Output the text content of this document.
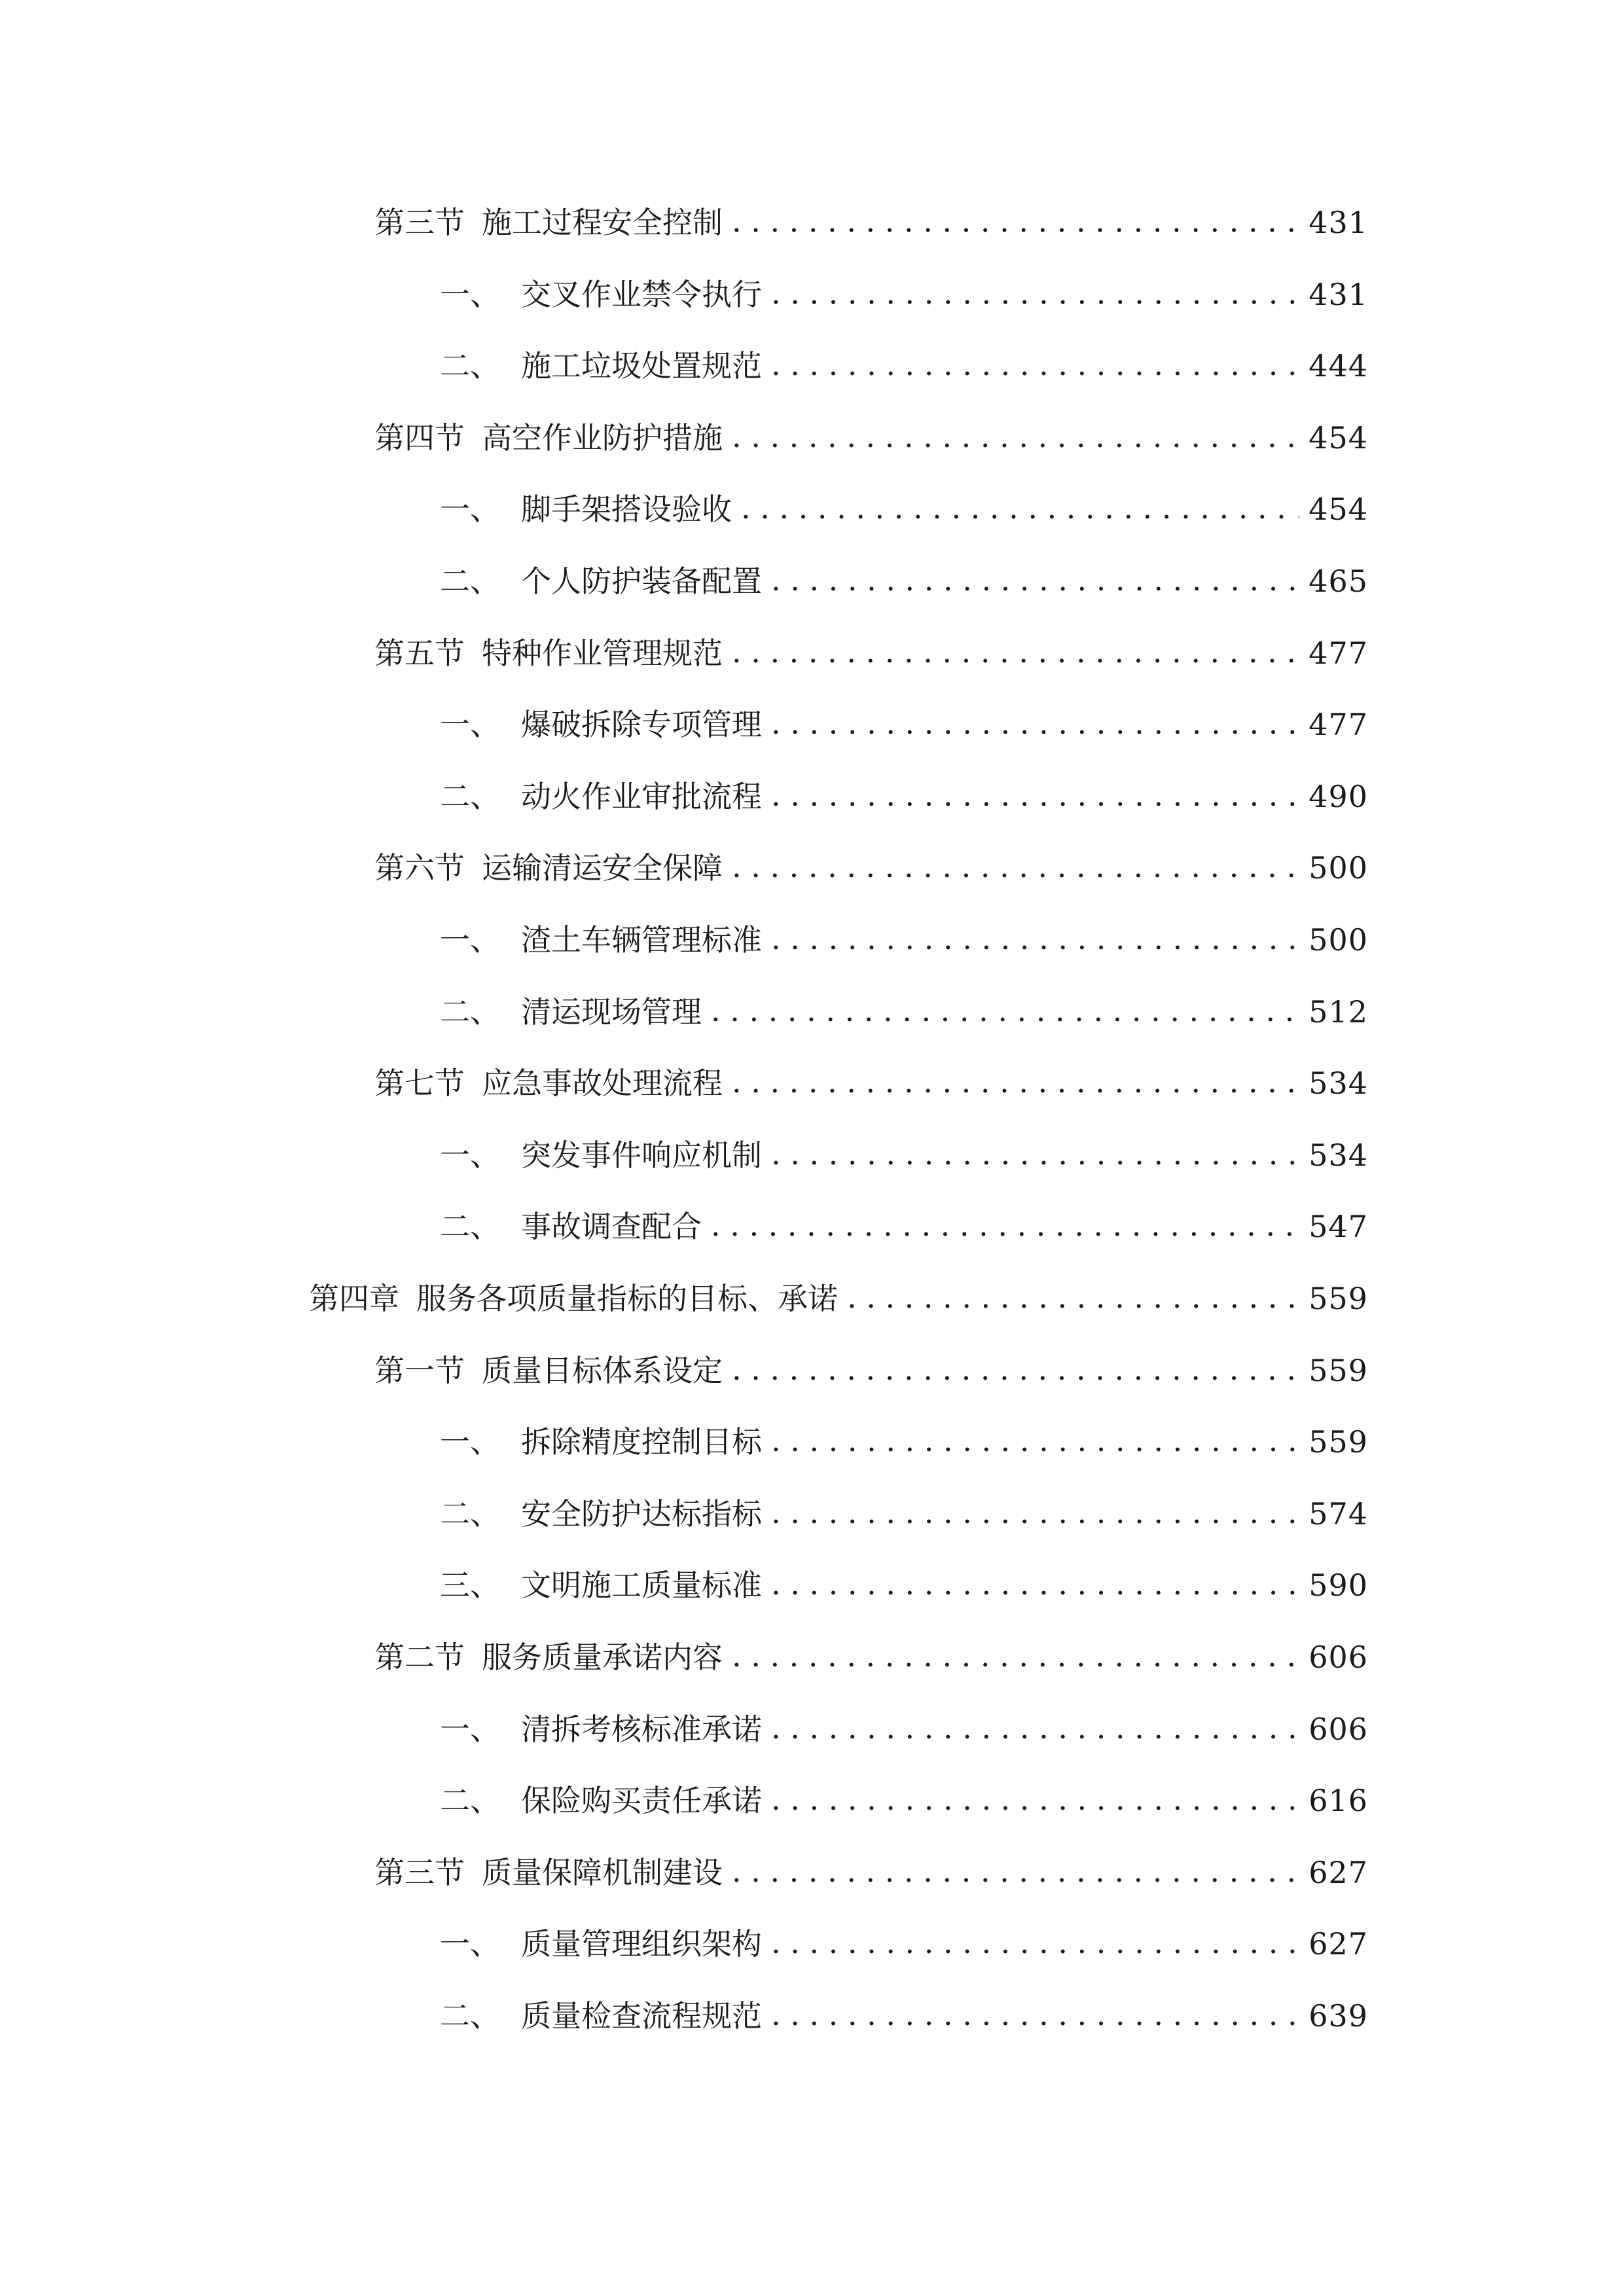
第三节 施工过程安全控制 .....	431
一、 交叉作业禁令执行 .....	431
二、 施工垃圾处置规范 .....	444
第四节 高空作业防护措施 .....	454
一、 脚手架搭设验收 .....	454
二、 个人防护装备配置 .....	465
第五节 特种作业管理规范 .....	477
一、 爆破拆除专项管理 .....	477
二、 动火作业审批流程 .....	490
第六节 运输清运安全保障 .....	500
一、 渣土车辆管理标准 .....	500
二、 清运现场管理 .....	512
第七节 应急事故处理流程 .....	534
一、 突发事件响应机制 .....	534
二、 事故调查配合 .....	547
第四章 服务各项质量指标的目标、承诺 .....	559
第一节 质量目标体系设定 .....	559
一、 拆除精度控制目标 .....	559
二、 安全防护达标指标 .....	574
三、 文明施工质量标准 .....	590
第二节 服务质量承诺内容 .....	606
一、 清拆考核标准承诺 .....	606
二、 保险购买责任承诺 .....	616
第三节 质量保障机制建设 .....	627
一、 质量管理组织架构 .....	627
二、 质量检查流程规范 .....	639
